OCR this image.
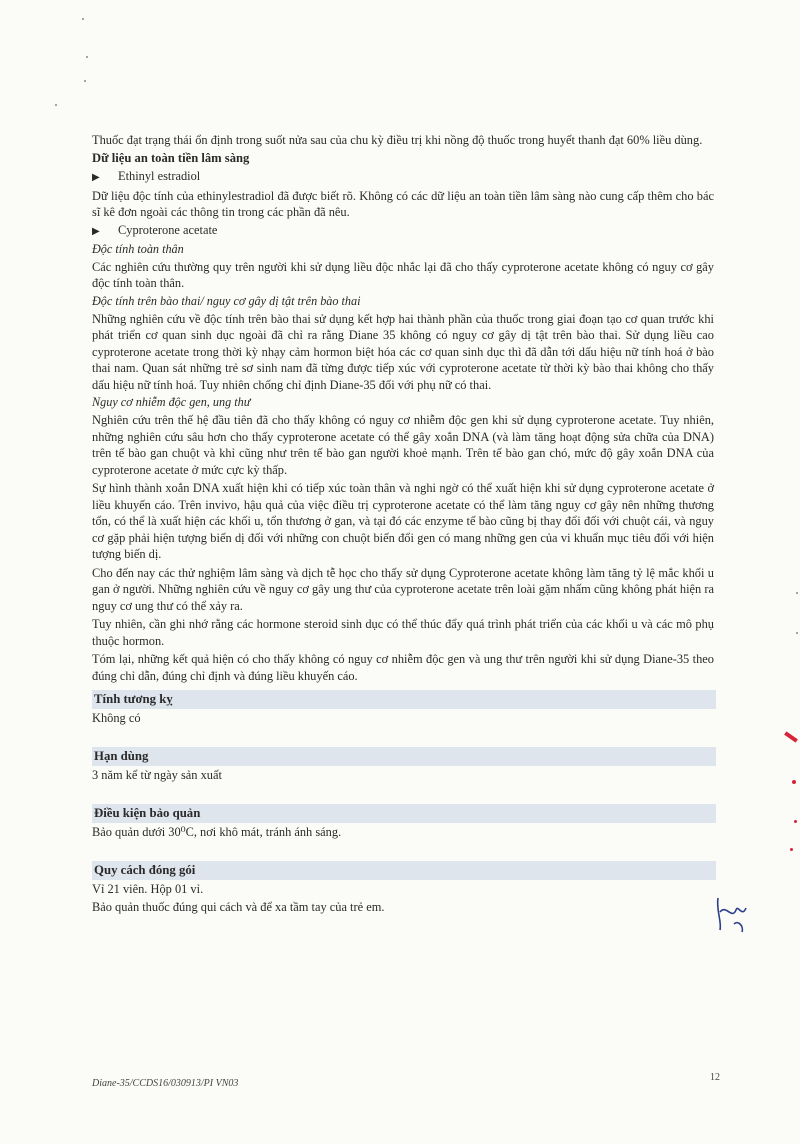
Thuốc đạt trạng thái ổn định trong suốt nửa sau của chu kỳ điều trị khi nồng độ thuốc trong huyết thanh đạt 60% liều dùng.

Dữ liệu an toàn tiền lâm sàng
▶ Ethinyl estradiol

Dữ liệu độc tính của ethinylestradiol đã được biết rõ. Không có các dữ liệu an toàn tiền lâm sàng nào cung cấp thêm cho bác sĩ kê đơn ngoài các thông tin trong các phần đã nêu.

▶ Cyproterone acetate
Độc tính toàn thân

Các nghiên cứu thường quy trên người khi sử dụng liều độc nhắc lại đã cho thấy cyproterone acetate không có nguy cơ gây độc tính toàn thân.

Độc tính trên bào thai/ nguy cơ gây dị tật trên bào thai

Những nghiên cứu về độc tính trên bào thai sử dụng kết hợp hai thành phần của thuốc trong giai đoạn tạo cơ quan trước khi phát triển cơ quan sinh dục ngoài đã chỉ ra rằng Diane 35 không có nguy cơ gây dị tật trên bào thai. Sử dụng liều cao cyproterone acetate trong thời kỳ nhạy cảm hormon biệt hóa các cơ quan sinh dục thì đã dẫn tới dấu hiệu nữ tính hoá ở bào thai nam. Quan sát những trẻ sơ sinh nam đã từng được tiếp xúc với cyproterone acetate từ thời kỳ bào thai không cho thấy dấu hiệu nữ tính hoá. Tuy nhiên chống chỉ định Diane-35 đối với phụ nữ có thai.

Nguy cơ nhiễm độc gen, ung thư

Nghiên cứu trên thế hệ đầu tiên đã cho thấy không có nguy cơ nhiễm độc gen khi sử dụng cyproterone acetate. Tuy nhiên, những nghiên cứu sâu hơn cho thấy cyproterone acetate có thể gây xoắn DNA (và làm tăng hoạt động sửa chữa của DNA) trên tế bào gan chuột và khỉ cũng như trên tế bào gan người khoẻ mạnh. Trên tế bào gan chó, mức độ gây xoắn DNA của cyproterone acetate ở mức cực kỳ thấp.

Sự hình thành xoắn DNA xuất hiện khi có tiếp xúc toàn thân và nghi ngờ có thể xuất hiện khi sử dụng cyproterone acetate ở liều khuyến cáo. Trên invivo, hậu quả của việc điều trị cyproterone acetate có thể làm tăng nguy cơ gây nên những thương tổn, có thể là xuất hiện các khối u, tổn thương ở gan, và tại đó các enzyme tế bào cũng bị thay đổi đối với chuột cái, và nguy cơ gặp phải hiện tượng biến dị đối với những con chuột biến đổi gen có mang những gen của vi khuẩn mục tiêu đối với hiện tượng biến dị.

Cho đến nay các thử nghiệm lâm sàng và dịch tễ học cho thấy sử dụng Cyproterone acetate không làm tăng tỷ lệ mắc khối u gan ở người. Những nghiên cứu về nguy cơ gây ung thư của cyproterone acetate trên loài gặm nhấm cũng không phát hiện ra nguy cơ ung thư có thể xảy ra.

Tuy nhiên, cần ghi nhớ rằng các hormone steroid sinh dục có thể thúc đẩy quá trình phát triển của các khối u và các mô phụ thuộc hormon.

Tóm lại, những kết quả hiện có cho thấy không có nguy cơ nhiễm độc gen và ung thư trên người khi sử dụng Diane-35 theo đúng chỉ dẫn, đúng chỉ định và đúng liều khuyến cáo.

Tính tương kỵ
Không có
Hạn dùng
3 năm kể từ ngày sản xuất
Điều kiện bảo quản
Bảo quản dưới 30⁰C, nơi khô mát, tránh ánh sáng.
Quy cách đóng gói
Vỉ 21 viên. Hộp 01 vỉ.
Bảo quản thuốc đúng qui cách và để xa tầm tay của trẻ em.
Diane-35/CCDS16/030913/PI VN03
12
